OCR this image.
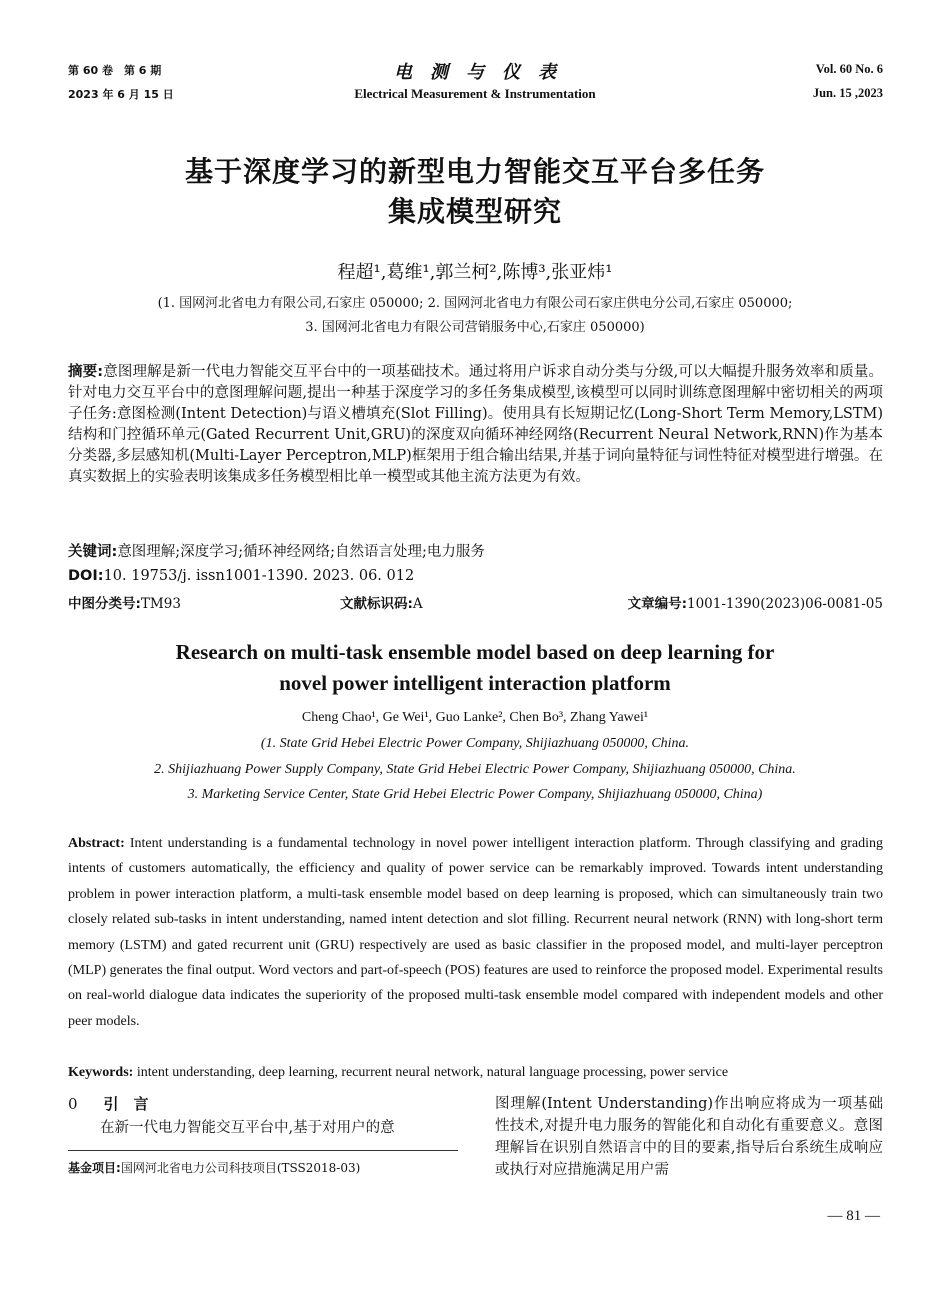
第 60 卷　第 6 期
2023 年 6 月 15 日
电　测　与　仪　表
Electrical Measurement & Instrumentation
Vol. 60 No. 6
Jun. 15 ,2023
基于深度学习的新型电力智能交互平台多任务
集成模型研究
程超¹,葛维¹,郭兰柯²,陈博³,张亚炜¹
(1. 国网河北省电力有限公司,石家庄 050000; 2. 国网河北省电力有限公司石家庄供电分公司,石家庄 050000;
3. 国网河北省电力有限公司营销服务中心,石家庄 050000)
摘要:意图理解是新一代电力智能交互平台中的一项基础技术。通过将用户诉求自动分类与分级,可以大幅提升服务效率和质量。针对电力交互平台中的意图理解问题,提出一种基于深度学习的多任务集成模型,该模型可以同时训练意图理解中密切相关的两项子任务:意图检测(Intent Detection)与语义槽填充(Slot Filling)。使用具有长短期记忆(Long-Short Term Memory,LSTM)结构和门控循环单元(Gated Recurrent Unit,GRU)的深度双向循环神经网络(Recurrent Neural Network,RNN)作为基本分类器,多层感知机(Multi-Layer Perceptron,MLP)框架用于组合输出结果,并基于词向量特征与词性特征对模型进行增强。在真实数据上的实验表明该集成多任务模型相比单一模型或其他主流方法更为有效。
关键词:意图理解;深度学习;循环神经网络;自然语言处理;电力服务
DOI:10. 19753/j. issn1001-1390. 2023. 06. 012
中图分类号:TM93	文献标识码:A	文章编号:1001-1390(2023)06-0081-05
Research on multi-task ensemble model based on deep learning for
novel power intelligent interaction platform
Cheng Chao¹, Ge Wei¹, Guo Lanke², Chen Bo³, Zhang Yawei¹
(1. State Grid Hebei Electric Power Company, Shijiazhuang 050000, China.
2. Shijiazhuang Power Supply Company, State Grid Hebei Electric Power Company, Shijiazhuang 050000, China.
3. Marketing Service Center, State Grid Hebei Electric Power Company, Shijiazhuang 050000, China)
Abstract: Intent understanding is a fundamental technology in novel power intelligent interaction platform. Through classifying and grading intents of customers automatically, the efficiency and quality of power service can be remarkably improved. Towards intent understanding problem in power interaction platform, a multi-task ensemble model based on deep learning is proposed, which can simultaneously train two closely related sub-tasks in intent understanding, named intent detection and slot filling. Recurrent neural network (RNN) with long-short term memory (LSTM) and gated recurrent unit (GRU) respectively are used as basic classifier in the proposed model, and multi-layer perceptron (MLP) generates the final output. Word vectors and part-of-speech (POS) features are used to reinforce the proposed model. Experimental results on real-world dialogue data indicates the superiority of the proposed multi-task ensemble model compared with independent models and other peer models.
Keywords: intent understanding, deep learning, recurrent neural network, natural language processing, power service
0 引　言
在新一代电力智能交互平台中,基于对用户的意
基金项目:国网河北省电力公司科技项目(TSS2018-03)
图理解(Intent Understanding)作出响应将成为一项基础性技术,对提升电力服务的智能化和自动化有重要意义。意图理解旨在识别自然语言中的目的要素,指导后台系统生成响应或执行对应措施满足用户需
— 81 —
